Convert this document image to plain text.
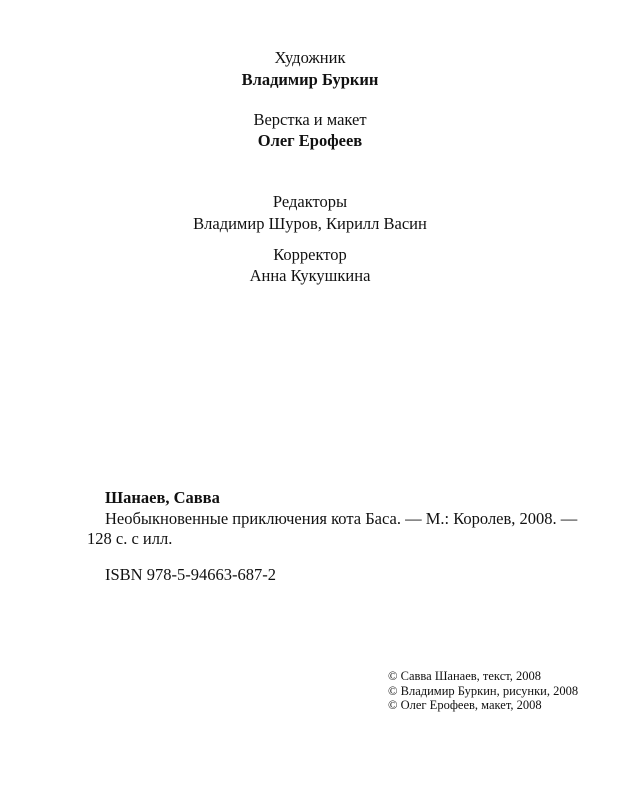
Художник
Владимир Буркин
Верстка и макет
Олег Ерофеев
Редакторы
Владимир Шуров, Кирилл Васин
Корректор
Анна Кукушкина
Шанаев, Савва
Необыкновенные приключения кота Баса. — М.: Королев, 2008. —
128 с. с илл.
ISBN 978-5-94663-687-2
© Савва Шанаев, текст, 2008
© Владимир Буркин, рисунки, 2008
© Олег Ерофеев, макет, 2008
